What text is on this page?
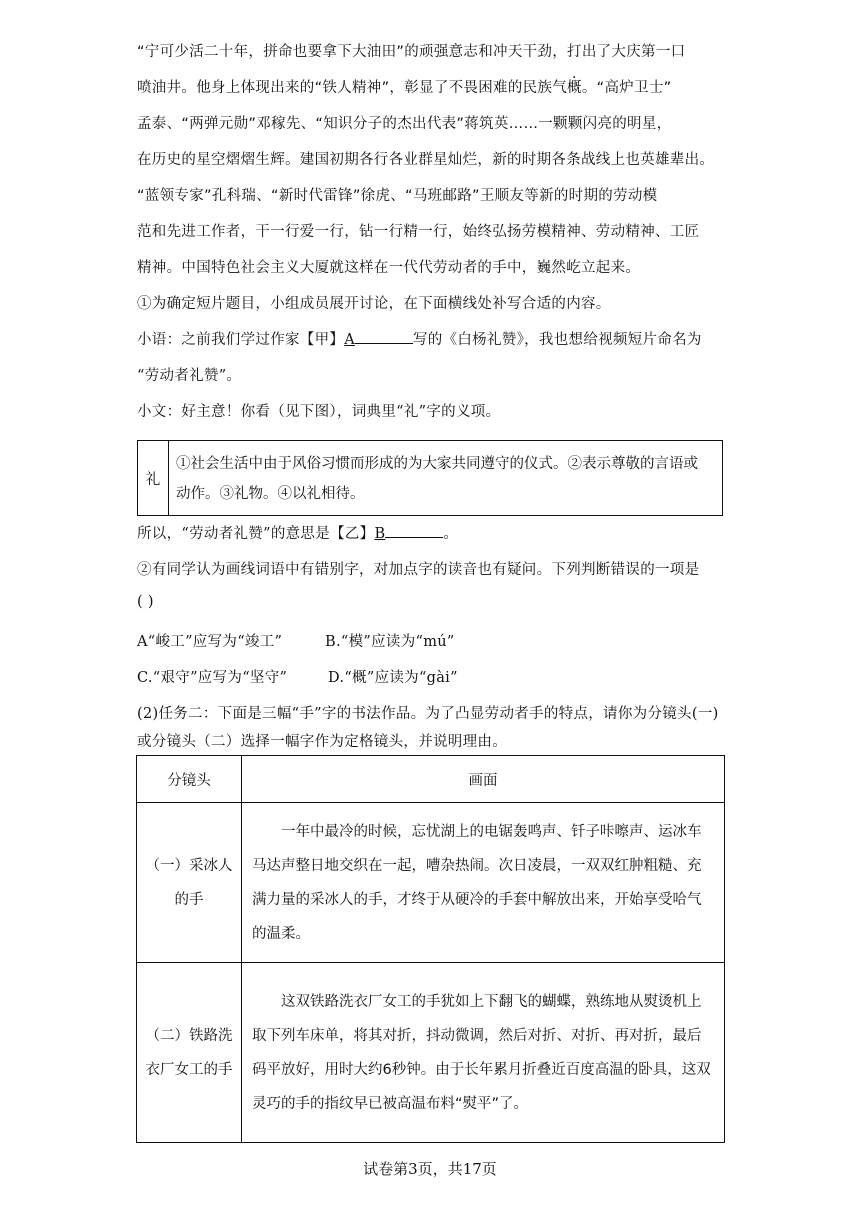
“宁可少活二十年，拼命也要拿下大油田”的顽强意志和冲天干劲，打出了大庆第一口
喷油井。他身上体现出来的“铁人精神”，彰显了不畏困难的民族气概。“高炉卫士”
孟泰、“两弹元勋”邓稼先、“知识分子的杰出代表”蒋筑英……一颗颗闪亮的明星，
在历史的星空熠熠生辉。建国初期各行各业群星灿烂，新的时期各条战线上也英雄辈出。
“蓝领专家”孔科瑞、“新时代雷锋”徐虎、“马班邮路”王顺友等新的时期的劳动模
范和先进工作者，干一行爱一行，钻一行精一行，始终弘扬劳模精神、劳动精神、工匠
精神。中国特色社会主义大厦就这样在一代代劳动者的手中，巍然屹立起来。
①为确定短片题目，小组成员展开讨论，在下面横线处补写合适的内容。
小语：之前我们学过作家【甲】A	写的《白杨礼赞》，我也想给视频短片命名为
“劳动者礼赞”。
小文：好主意！你看（见下图），词典里“礼”字的义项。
礼
①社会生活中由于风俗习惯而形成的为大家共同遵守的仪式。②表示尊敬的言语或
动作。③礼物。④以礼相待。
所以，“劳动者礼赞”的意思是【乙】B	。
②有同学认为画线词语中有错别字，对加点字的读音也有疑问。下列判断错误的一项是
( )
A“峻工”应写为“竣工”	B.“模”应读为“mú”
C.“艰守”应写为“坚守”	D.“概”应读为“gài”
(2)任务二：下面是三幅“手”字的书法作品。为了凸显劳动者手的特点，请你为分镜头(一)
或分镜头（二）选择一幅字作为定格镜头，并说明理由。
分镜头	画面
（一）采冰人的手	一年中最冷的时候，忘忧湖上的电锯轰鸣声、钎子咔嚓声、运冰车马达声整日地交织在一起，嘈杂热闹。次日凌晨，一双双红肿粗糙、充满力量的采冰人的手，才终于从硬冷的手套中解放出来，开始享受哈气的温柔。
（二）铁路洗衣厂女工的手	这双铁路洗衣厂女工的手犹如上下翻飞的蝴蝶，熟练地从熨烫机上取下列车床单，将其对折，抖动微调，然后对折、对折、再对折，最后码平放好，用时大约6秒钟。由于长年累月折叠近百度高温的卧具，这双灵巧的手的指纹早已被高温布料“熨平”了。
试卷第3页，共17页
